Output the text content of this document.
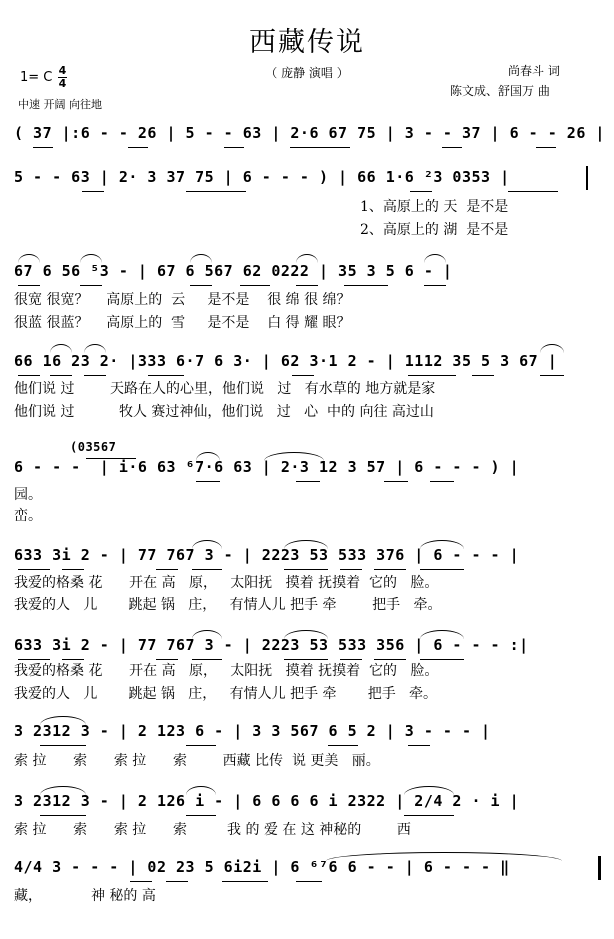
西藏传说
（ 庞静 演唱 ）	尚春斗 词
陈文成、舒国万 曲
1= C 4
4
中速 开阔 向往地
( 37 |:6 - - 26 | 5 - - 63 | 2·6 67 75 | 3 - - 37 | 6 - - 26 |
5 - - 63 | 2· 3 37 75 | 6 - - - ) | 66 1·6 ²3 0353 |
1、高原上的 天  是不是
2、高原上的 湖  是不是
67 6 56 ⁵3 - | 67 6 567 62 0222 | 35 3 5 6 - |
很宽 很宽？    高原上的  云     是不是    很 绵 很 绵？
很蓝 很蓝？    高原上的  雪     是不是    白 得 耀 眼？
66 16 23 2· |333 6·7 6 3· | 62 3·1 2 - | 1112 35 5 3 67 |
他们说 过        天路在人的心里，他们说   过   有水草的 地方就是家
他们说 过          牧人 赛过神仙，他们说   过   心  中的 向往 高过山
(03567
6 - - -  | i·6 63 ⁶7·6 63 | 2·3 12 3 57 | 6 - - - ) |
园。
峦。
633 3i 2 - | 77 767 3 - | 2223 53 533 376 | 6 - - - |
我爱的格桑 花      开在 高   原，   太阳抚   摸着 抚摸着  它的   脸。
我爱的人   儿       跳起 锅   庄，   有情人儿 把手 牵        把手   牵。
633 3i 2 - | 77 767 3 - | 2223 53 533 356 | 6 - - - :|
我爱的格桑 花      开在 高   原，   太阳抚   摸着 抚摸着  它的   脸。
我爱的人   儿       跳起 锅   庄，   有情人儿 把手 牵       把手   牵。
3 2312 3 - | 2 123 6 - | 3 3 567 6 5 2 | 3 - - - |
索 拉      索      索 拉      索        西藏 比传  说 更美   丽。
3 2312 3 - | 2 126 i - | 6 6 6 6 i 2322 | 2/4 2 · i |
索 拉      索      索 拉      索         我 的 爱 在 这 神秘的        西
4/4 3 - - - | 02 23 5 6i2i | 6 ⁶⁷6 6 - - | 6 - - - ‖
藏，           神 秘的 高
